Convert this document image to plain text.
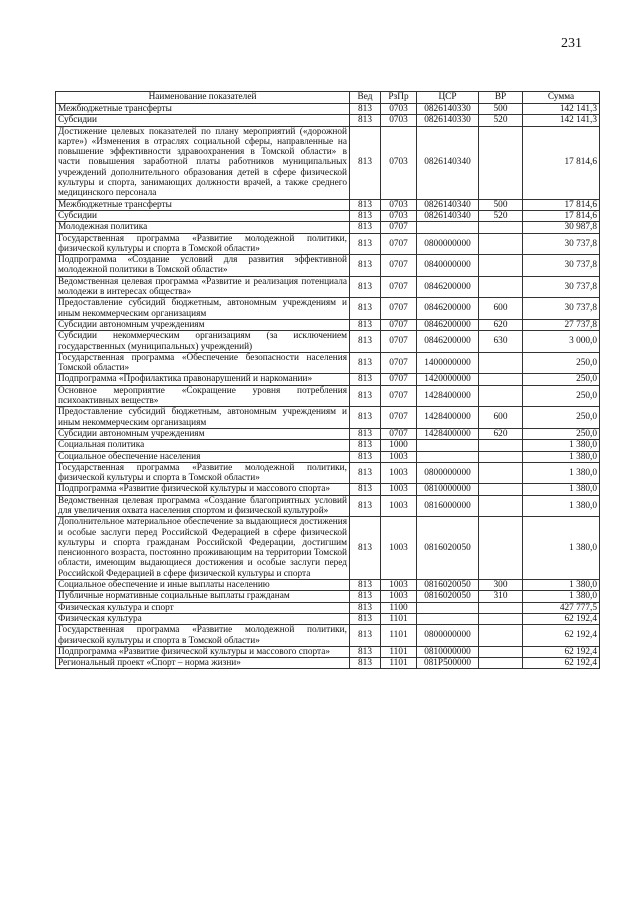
231
Наименование показателей	Вед	РзПр	ЦСР	ВР	Сумма
Межбюджетные трансферты	813	0703	0826140330	500	142 141,3
Субсидии	813	0703	0826140330	520	142 141,3
Достижение целевых показателей по плану мероприятий («дорожной карте») «Изменения в отраслях социальной сферы, направленные на повышение эффективности здравоохранения в Томской области» в части повышения заработной платы работников муниципальных учреждений дополнительного образования детей в сфере физической культуры и спорта, занимающих должности врачей, а также среднего медицинского персонала	813	0703	0826140340		17 814,6
Межбюджетные трансферты	813	0703	0826140340	500	17 814,6
Субсидии	813	0703	0826140340	520	17 814,6
Молодежная политика	813	0707			30 987,8
Государственная программа «Развитие молодежной политики, физической культуры и спорта в Томской области»	813	0707	0800000000		30 737,8
Подпрограмма «Создание условий для развития эффективной молодежной политики в Томской области»	813	0707	0840000000		30 737,8
Ведомственная целевая программа «Развитие и реализация потенциала молодежи в интересах общества»	813	0707	0846200000		30 737,8
Предоставление субсидий бюджетным, автономным учреждениям и иным некоммерческим организациям	813	0707	0846200000	600	30 737,8
Субсидии автономным учреждениям	813	0707	0846200000	620	27 737,8
Субсидии некоммерческим организациям (за исключением государственных (муниципальных) учреждений)	813	0707	0846200000	630	3 000,0
Государственная программа «Обеспечение безопасности населения Томской области»	813	0707	1400000000		250,0
Подпрограмма «Профилактика правонарушений и наркомании»	813	0707	1420000000		250,0
Основное мероприятие «Сокращение уровня потребления психоактивных веществ»	813	0707	1428400000		250,0
Предоставление субсидий бюджетным, автономным учреждениям и иным некоммерческим организациям	813	0707	1428400000	600	250,0
Субсидии автономным учреждениям	813	0707	1428400000	620	250,0
Социальная политика	813	1000			1 380,0
Социальное обеспечение населения	813	1003			1 380,0
Государственная программа «Развитие молодежной политики, физической культуры и спорта в Томской области»	813	1003	0800000000		1 380,0
Подпрограмма «Развитие физической культуры и массового спорта»	813	1003	0810000000		1 380,0
Ведомственная целевая программа «Создание благоприятных условий для увеличения охвата населения спортом и физической культурой»	813	1003	0816000000		1 380,0
Дополнительное материальное обеспечение за выдающиеся достижения и особые заслуги перед Российской Федерацией в сфере физической культуры и спорта гражданам Российской Федерации, достигшим пенсионного возраста, постоянно проживающим на территории Томской области, имеющим выдающиеся достижения и особые заслуги перед Российской Федерацией в сфере физической культуры и спорта	813	1003	0816020050		1 380,0
Социальное обеспечение и иные выплаты населению	813	1003	0816020050	300	1 380,0
Публичные нормативные социальные выплаты гражданам	813	1003	0816020050	310	1 380,0
Физическая культура и спорт	813	1100			427 777,5
Физическая культура	813	1101			62 192,4
Государственная программа «Развитие молодежной политики, физической культуры и спорта в Томской области»	813	1101	0800000000		62 192,4
Подпрограмма «Развитие физической культуры и массового спорта»	813	1101	0810000000		62 192,4
Региональный проект «Спорт – норма жизни»	813	1101	081P500000		62 192,4
